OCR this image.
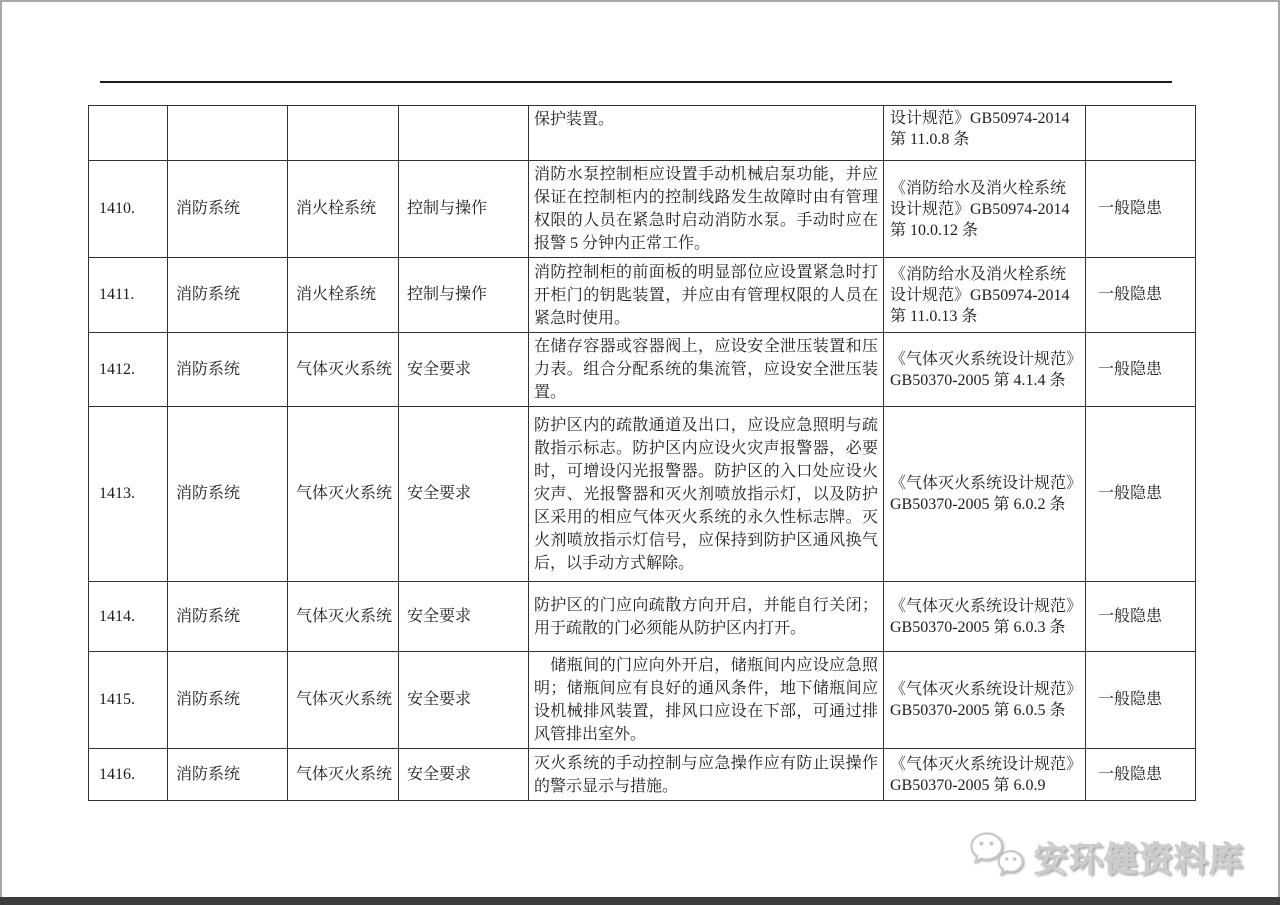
				保护装置。	设计规范》GB50974-2014 第 11.0.8 条	
1410.	消防系统	消火栓系统	控制与操作	消防水泵控制柜应设置手动机械启泵功能，并应保证在控制柜内的控制线路发生故障时由有管理权限的人员在紧急时启动消防水泵。手动时应在报警 5 分钟内正常工作。	《消防给水及消火栓系统设计规范》GB50974-2014 第 10.0.12 条	一般隐患
1411.	消防系统	消火栓系统	控制与操作	消防控制柜的前面板的明显部位应设置紧急时打开柜门的钥匙装置，并应由有管理权限的人员在紧急时使用。	《消防给水及消火栓系统设计规范》GB50974-2014 第 11.0.13 条	一般隐患
1412.	消防系统	气体灭火系统	安全要求	在储存容器或容器阀上，应设安全泄压装置和压力表。组合分配系统的集流管，应设安全泄压装置。	《气体灭火系统设计规范》GB50370-2005 第 4.1.4 条	一般隐患
1413.	消防系统	气体灭火系统	安全要求	防护区内的疏散通道及出口，应设应急照明与疏散指示标志。防护区内应设火灾声报警器，必要时，可增设闪光报警器。防护区的入口处应设火灾声、光报警器和灭火剂喷放指示灯，以及防护区采用的相应气体灭火系统的永久性标志牌。灭火剂喷放指示灯信号，应保持到防护区通风换气后，以手动方式解除。	《气体灭火系统设计规范》GB50370-2005 第 6.0.2 条	一般隐患
1414.	消防系统	气体灭火系统	安全要求	防护区的门应向疏散方向开启，并能自行关闭；用于疏散的门必须能从防护区内打开。	《气体灭火系统设计规范》GB50370-2005 第 6.0.3 条	一般隐患
1415.	消防系统	气体灭火系统	安全要求	　储瓶间的门应向外开启，储瓶间内应设应急照明；储瓶间应有良好的通风条件，地下储瓶间应设机械排风装置，排风口应设在下部，可通过排风管排出室外。	《气体灭火系统设计规范》GB50370-2005 第 6.0.5 条	一般隐患
1416.	消防系统	气体灭火系统	安全要求	灭火系统的手动控制与应急操作应有防止误操作的警示显示与措施。	《气体灭火系统设计规范》GB50370-2005 第 6.0.9	一般隐患
安环健资料库
